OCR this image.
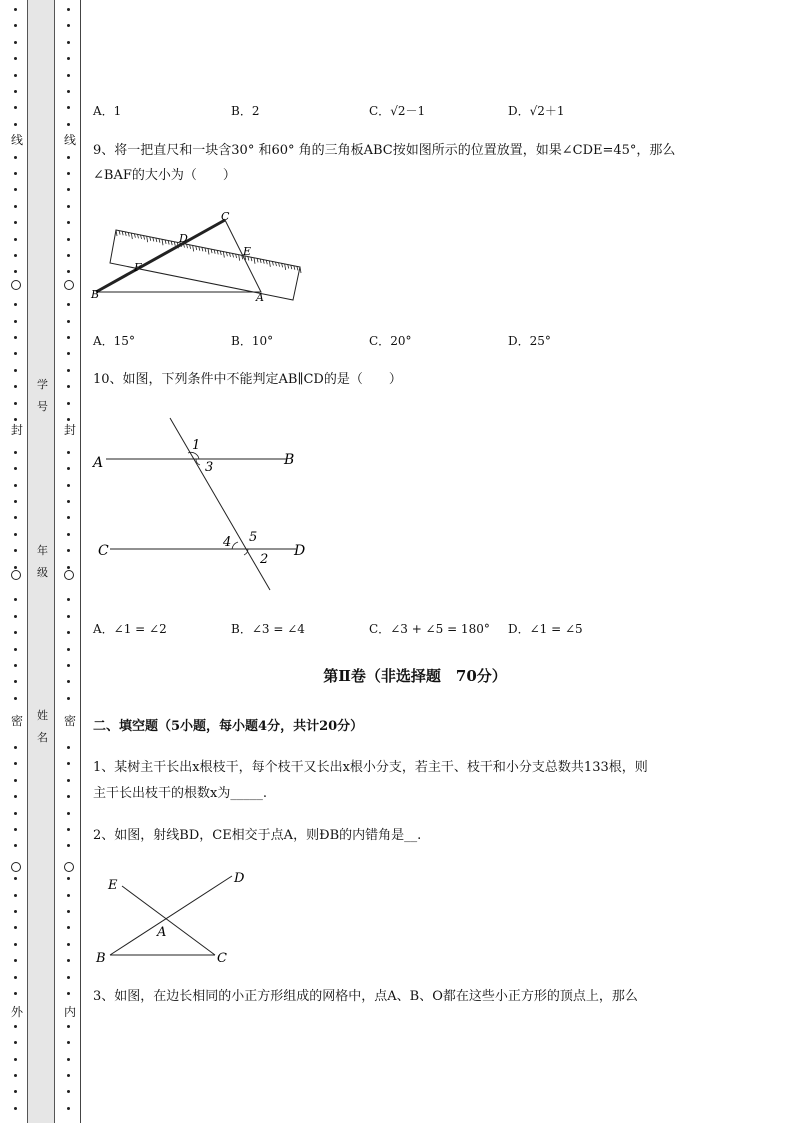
线
封
密
外
线
封
密
内
学
号
年
级
姓
名
A．1	B．2	C．√2－1	D．√2＋1
9、将一把直尺和一块含30° 和60° 角的三角板ABC按如图所示的位置放置，如果∠CDE=45°，那么
∠BAF的大小为（　　）
C
D
E
F
B	A
A．15°	B．10°	C．20°	D．25°
10、如图，下列条件中不能判定AB∥CD的是（　　）
A	B
C	D
1
3
4 5
2
A．∠1 = ∠2	B．∠3 = ∠4	C．∠3 + ∠5 = 180° D．∠1 = ∠5
第Ⅱ卷（非选择题　70分）
二、填空题（5小题，每小题4分，共计20分）
1、某树主干长出x根枝干，每个枝干又长出x根小分支，若主干、枝干和小分支总数共133根，则
主干长出枝干的根数x为_____.
2、如图，射线BD，CE相交于点A，则ÐB的内错角是__.
E	D
A
B	C
3、如图，在边长相同的小正方形组成的网格中，点A、B、O都在这些小正方形的顶点上，那么
